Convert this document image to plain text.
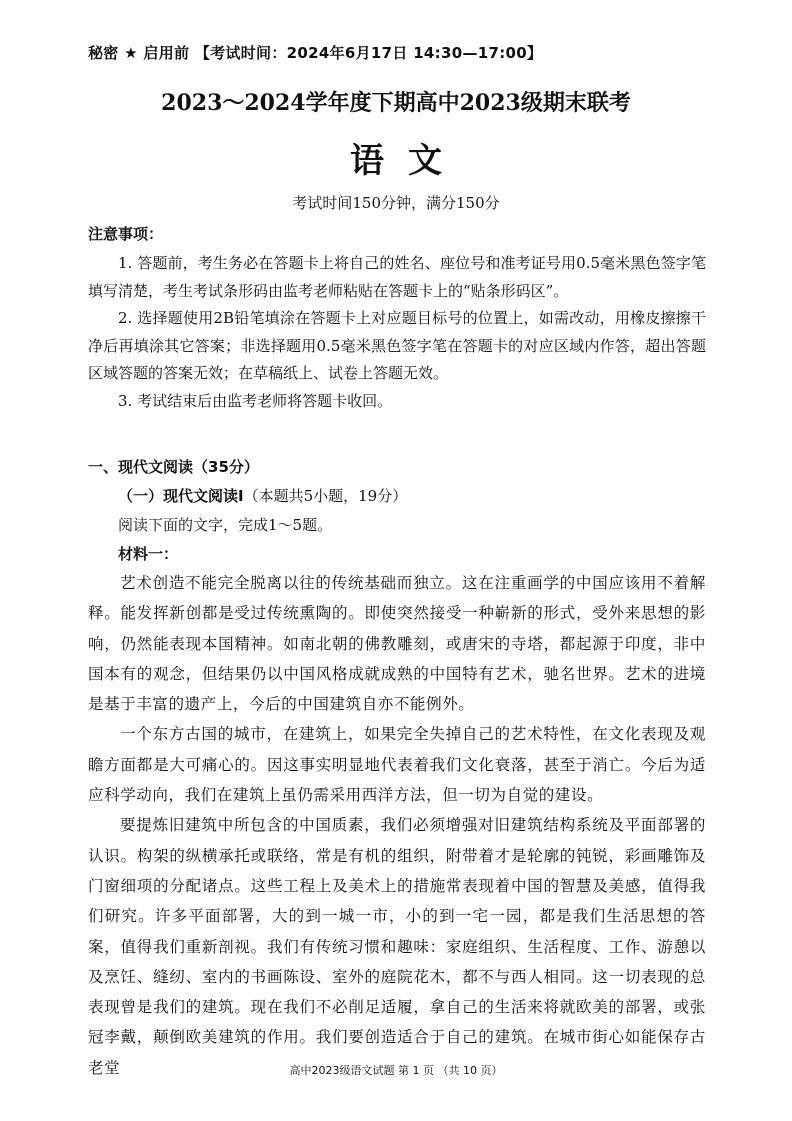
秘密 ★ 启用前 【考试时间：2024年6月17日 14:30—17:00】
2023～2024学年度下期高中2023级期末联考
语文
考试时间150分钟，满分150分
注意事项：

1. 答题前，考生务必在答题卡上将自己的姓名、座位号和准考证号用0.5毫米黑色签字笔填写清楚，考生考试条形码由监考老师粘贴在答题卡上的“贴条形码区”。

2. 选择题使用2B铅笔填涂在答题卡上对应题目标号的位置上，如需改动，用橡皮擦擦干净后再填涂其它答案；非选择题用0.5毫米黑色签字笔在答题卡的对应区域内作答，超出答题区域答题的答案无效；在草稿纸上、试卷上答题无效。

3. 考试结束后由监考老师将答题卡收回。

一、现代文阅读（35分）
（一）现代文阅读Ⅰ（本题共5小题，19分）
阅读下面的文字，完成1～5题。
材料一：

艺术创造不能完全脱离以往的传统基础而独立。这在注重画学的中国应该用不着解释。能发挥新创都是受过传统熏陶的。即使突然接受一种嶄新的形式，受外来思想的影响，仍然能表现本国精神。如南北朝的佛教雕刻，或唐宋的寺塔，都起源于印度，非中国本有的观念，但结果仍以中国风格成就成熟的中国特有艺术，驰名世界。艺术的进境是基于丰富的遗产上，今后的中国建筑自亦不能例外。

一个东方古国的城市，在建筑上，如果完全失掉自己的艺术特性，在文化表现及观瞻方面都是大可痛心的。因这事实明显地代表着我们文化衰落，甚至于消亡。今后为适应科学动向，我们在建筑上虽仍需采用西洋方法，但一切为自觉的建设。

要提炼旧建筑中所包含的中国质素，我们必须增强对旧建筑结构系统及平面部署的认识。构架的纵横承托或联络，常是有机的组织，附带着才是轮廓的钝锐，彩画雕饰及门窗细项的分配诸点。这些工程上及美术上的措施常表现着中国的智慧及美感，值得我们研究。许多平面部署，大的到一城一市，小的到一宅一园，都是我们生活思想的答案，值得我们重新剖视。我们有传统习惯和趣味：家庭组织、生活程度、工作、游憩以及烹饪、缝纫、室内的书画陈设、室外的庭院花木，都不与西人相同。这一切表现的总表现曾是我们的建筑。现在我们不必削足适履，拿自己的生活来将就欧美的部署，或张冠李戴，颠倒欧美建筑的作用。我们要创造适合于自己的建筑。在城市街心如能保存古老堂	高中2023级语文试题 第 1 页 （共 10 页）
